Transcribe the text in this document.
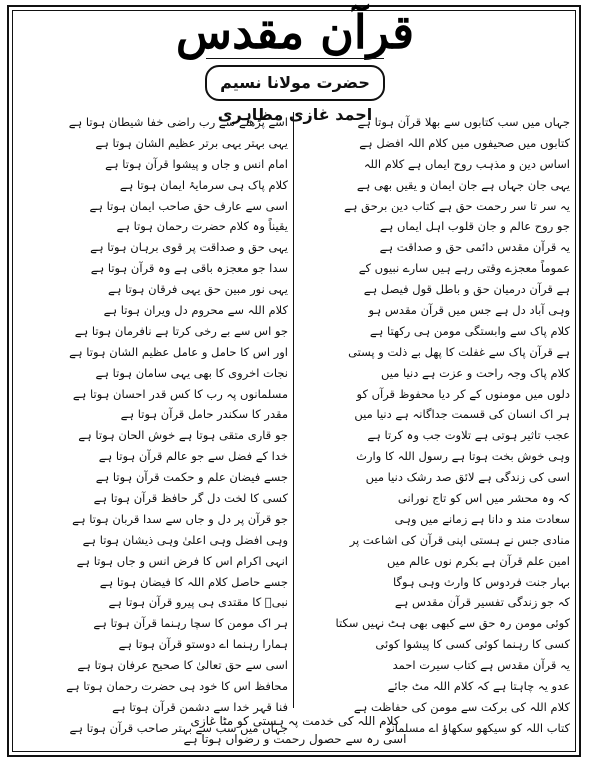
قرآن مقدس
حضرت مولانا نسیم احمد غازی مظاہری
جہاں میں سب کتابوں سے بھلا قرآن ہوتا ہے
کتابوں میں صحیفوں میں کلام اللہ افضل ہے
اساس دین و مذہب روح ایماں ہے کلام اللہ
یہی جان جہاں ہے جان ایمان و یقیں بھی ہے
یہ سر تا سر رحمت حق ہے کتاب دین برحق ہے
جو روح عالم و جان قلوب اہل ایماں ہے
یہ قرآن مقدس دائمی حق و صداقت ہے
عموماً معجزے وقتی رہے ہیں سارے نبیوں کے
ہے قرآن درمیان حق و باطل قول فیصل ہے
وہی آباد دل ہے جس میں قرآن مقدس ہو
کلام پاک سے وابستگی مومن ہی رکھتا ہے
ہے قرآن پاک سے غفلت کا پھل بے ذلت و پستی
کلام پاک وجہ راحت و عزت ہے دنیا میں
دلوں میں مومنوں کے کر دیا محفوظ قرآں کو
ہر اک انسان کی قسمت جداگانہ ہے دنیا میں
عجب تاثیر ہوتی ہے تلاوت جب وہ کرتا ہے
وہی خوش بخت ہوتا ہے رسول اللہ کا وارث
اسی کی زندگی ہے لائق صد رشک دنیا میں
کہ وہ محشر میں اس کو تاج نورانی
سعادت مند و دانا ہے زمانے میں وہی
منادی جس نے ہستی اپنی قرآن کی اشاعت پر
امین علم قرآن ہے بکرم نوں عالم میں
بہار جنت فردوس کا وارث وہی ہوگا
کہ جو زندگی تفسیر قرآن مقدس ہے
کوئی مومن رہ حق سے کبھی بھی ہٹ نہیں سکتا
کسی کا رہنما کوئی کسی کا پیشوا کوئی
یہ قرآن مقدس ہے کتاب سیرت احمد
عدو یہ چاہتا ہے کہ کلام اللہ مٹ جائے
کلام اللہ کی برکت سے مومن کی حفاظت ہے
کتاب اللہ کو سیکھو سکھاؤ اے مسلمانو
اسے پڑھنے سے رب راضی خفا شیطان ہوتا ہے
یہی بہتر یہی برتر عظیم الشان ہوتا ہے
امام انس و جاں و پیشوا قرآن ہوتا ہے
کلام پاک ہی سرمایۂ ایمان ہوتا ہے
اسی سے عارف حق صاحب ایمان ہوتا ہے
یقیناً وہ کلام حضرت رحمان ہوتا ہے
یہی حق و صداقت پر قوی برہان ہوتا ہے
سدا جو معجزہ باقی ہے وہ قرآن ہوتا ہے
یہی نور مبین حق یہی فرقان ہوتا ہے
کلام اللہ سے محروم دل ویران ہوتا ہے
جو اس سے بے رخی کرتا ہے نافرمان ہوتا ہے
اور اس کا حامل و عامل عظیم الشان ہوتا ہے
نجات اخروی کا بھی یہی سامان ہوتا ہے
مسلمانوں پہ رب کا کس قدر احسان ہوتا ہے
مقدر کا سکندر حامل قرآن ہوتا ہے
جو قاری متقی ہوتا ہے خوش الحان ہوتا ہے
خدا کے فضل سے جو عالم قرآن ہوتا ہے
جسے فیضان علم و حکمت قرآن ہوتا ہے
کسی کا لخت دل گر حافظ قرآن ہوتا ہے
جو قرآن پر دل و جاں سے سدا قربان ہوتا ہے
وہی افضل وہی اعلیٰ وہی ذیشان ہوتا ہے
انہی اکرام اس کا فرض انس و جاں ہوتا ہے
جسے حاصل کلام اللہ کا فیضان ہوتا ہے
نبیؐ کا مقتدی ہی پیرو قرآن ہوتا ہے
ہر اک مومن کا سچا رہنما قرآن ہوتا ہے
ہمارا رہنما اے دوستو قرآن ہوتا ہے
اسی سے حق تعالیٰ کا صحیح عرفان ہوتا ہے
محافظ اس کا خود ہی حضرت رحمان ہوتا ہے
فنا قہر خدا سے دشمن قرآن ہوتا ہے
جہاں میں سب سے بہتر صاحب قرآن ہوتا ہے
کلام اللہ کی خدمت پہ ہستی کو مٹا غازی
اسی رہ سے حصول رحمت و رضواں ہوتا ہے
